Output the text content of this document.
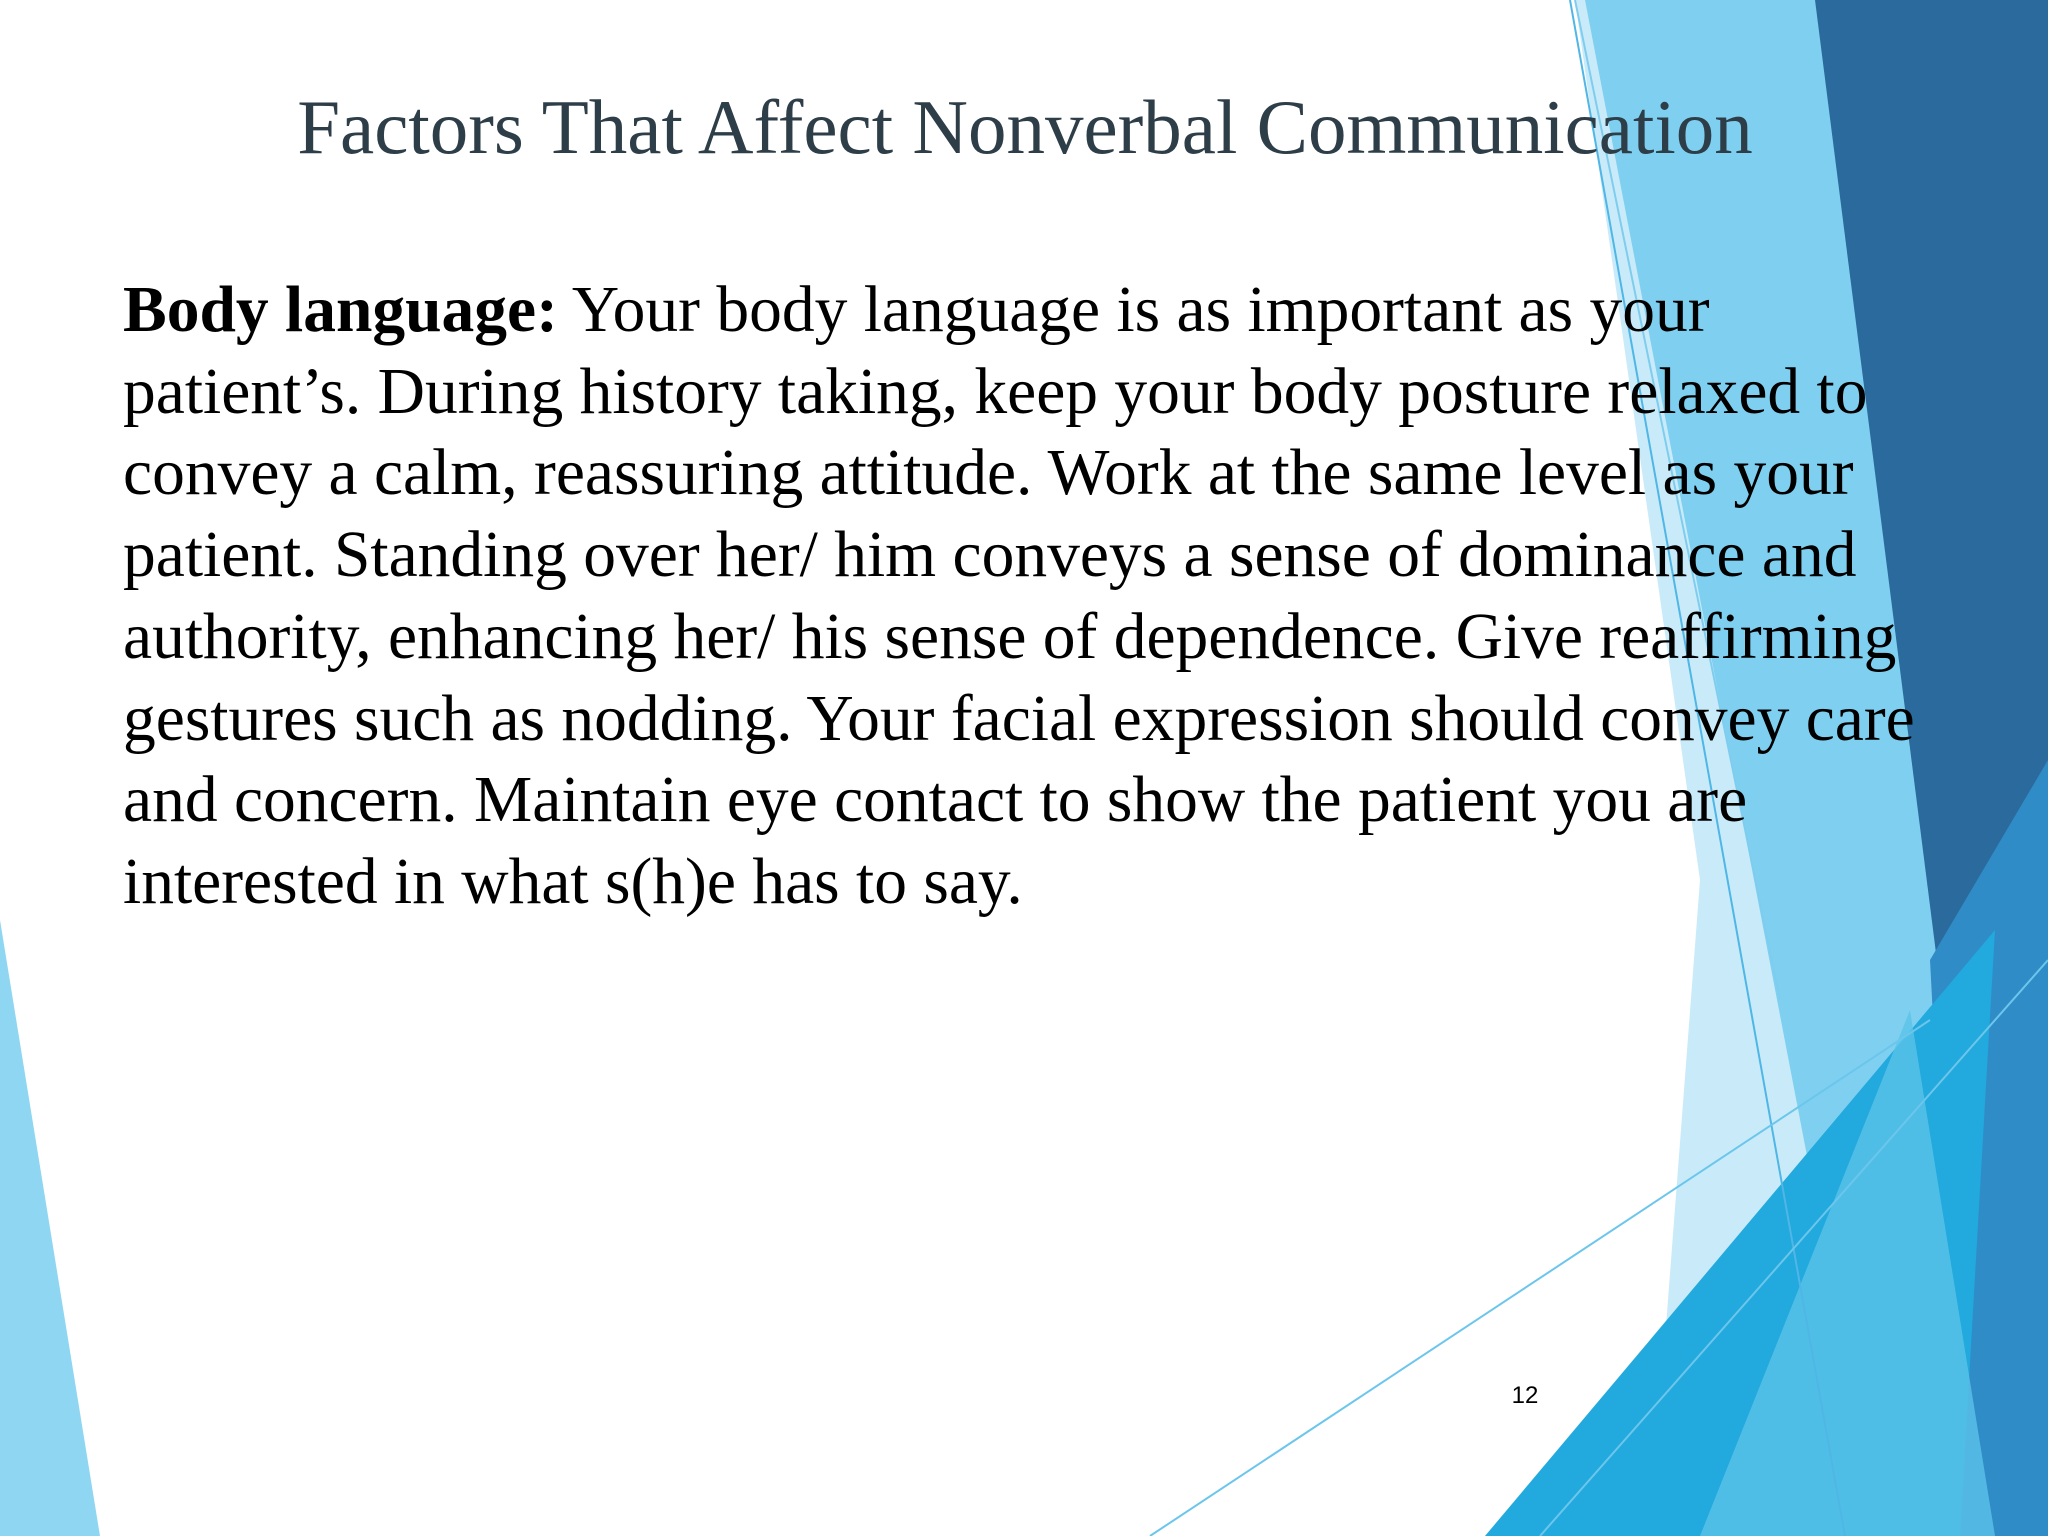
Factors That Affect Nonverbal Communication

Body language: Your body language is as important as your patient’s. During history taking, keep your body posture relaxed to convey a calm, reassuring attitude. Work at the same level as your patient. Standing over her/ him conveys a sense of dominance and authority, enhancing her/ his sense of dependence. Give reaffirming gestures such as nodding. Your facial expression should convey care and concern. Maintain eye contact to show the patient you are interested in what s(h)e has to say.

12
